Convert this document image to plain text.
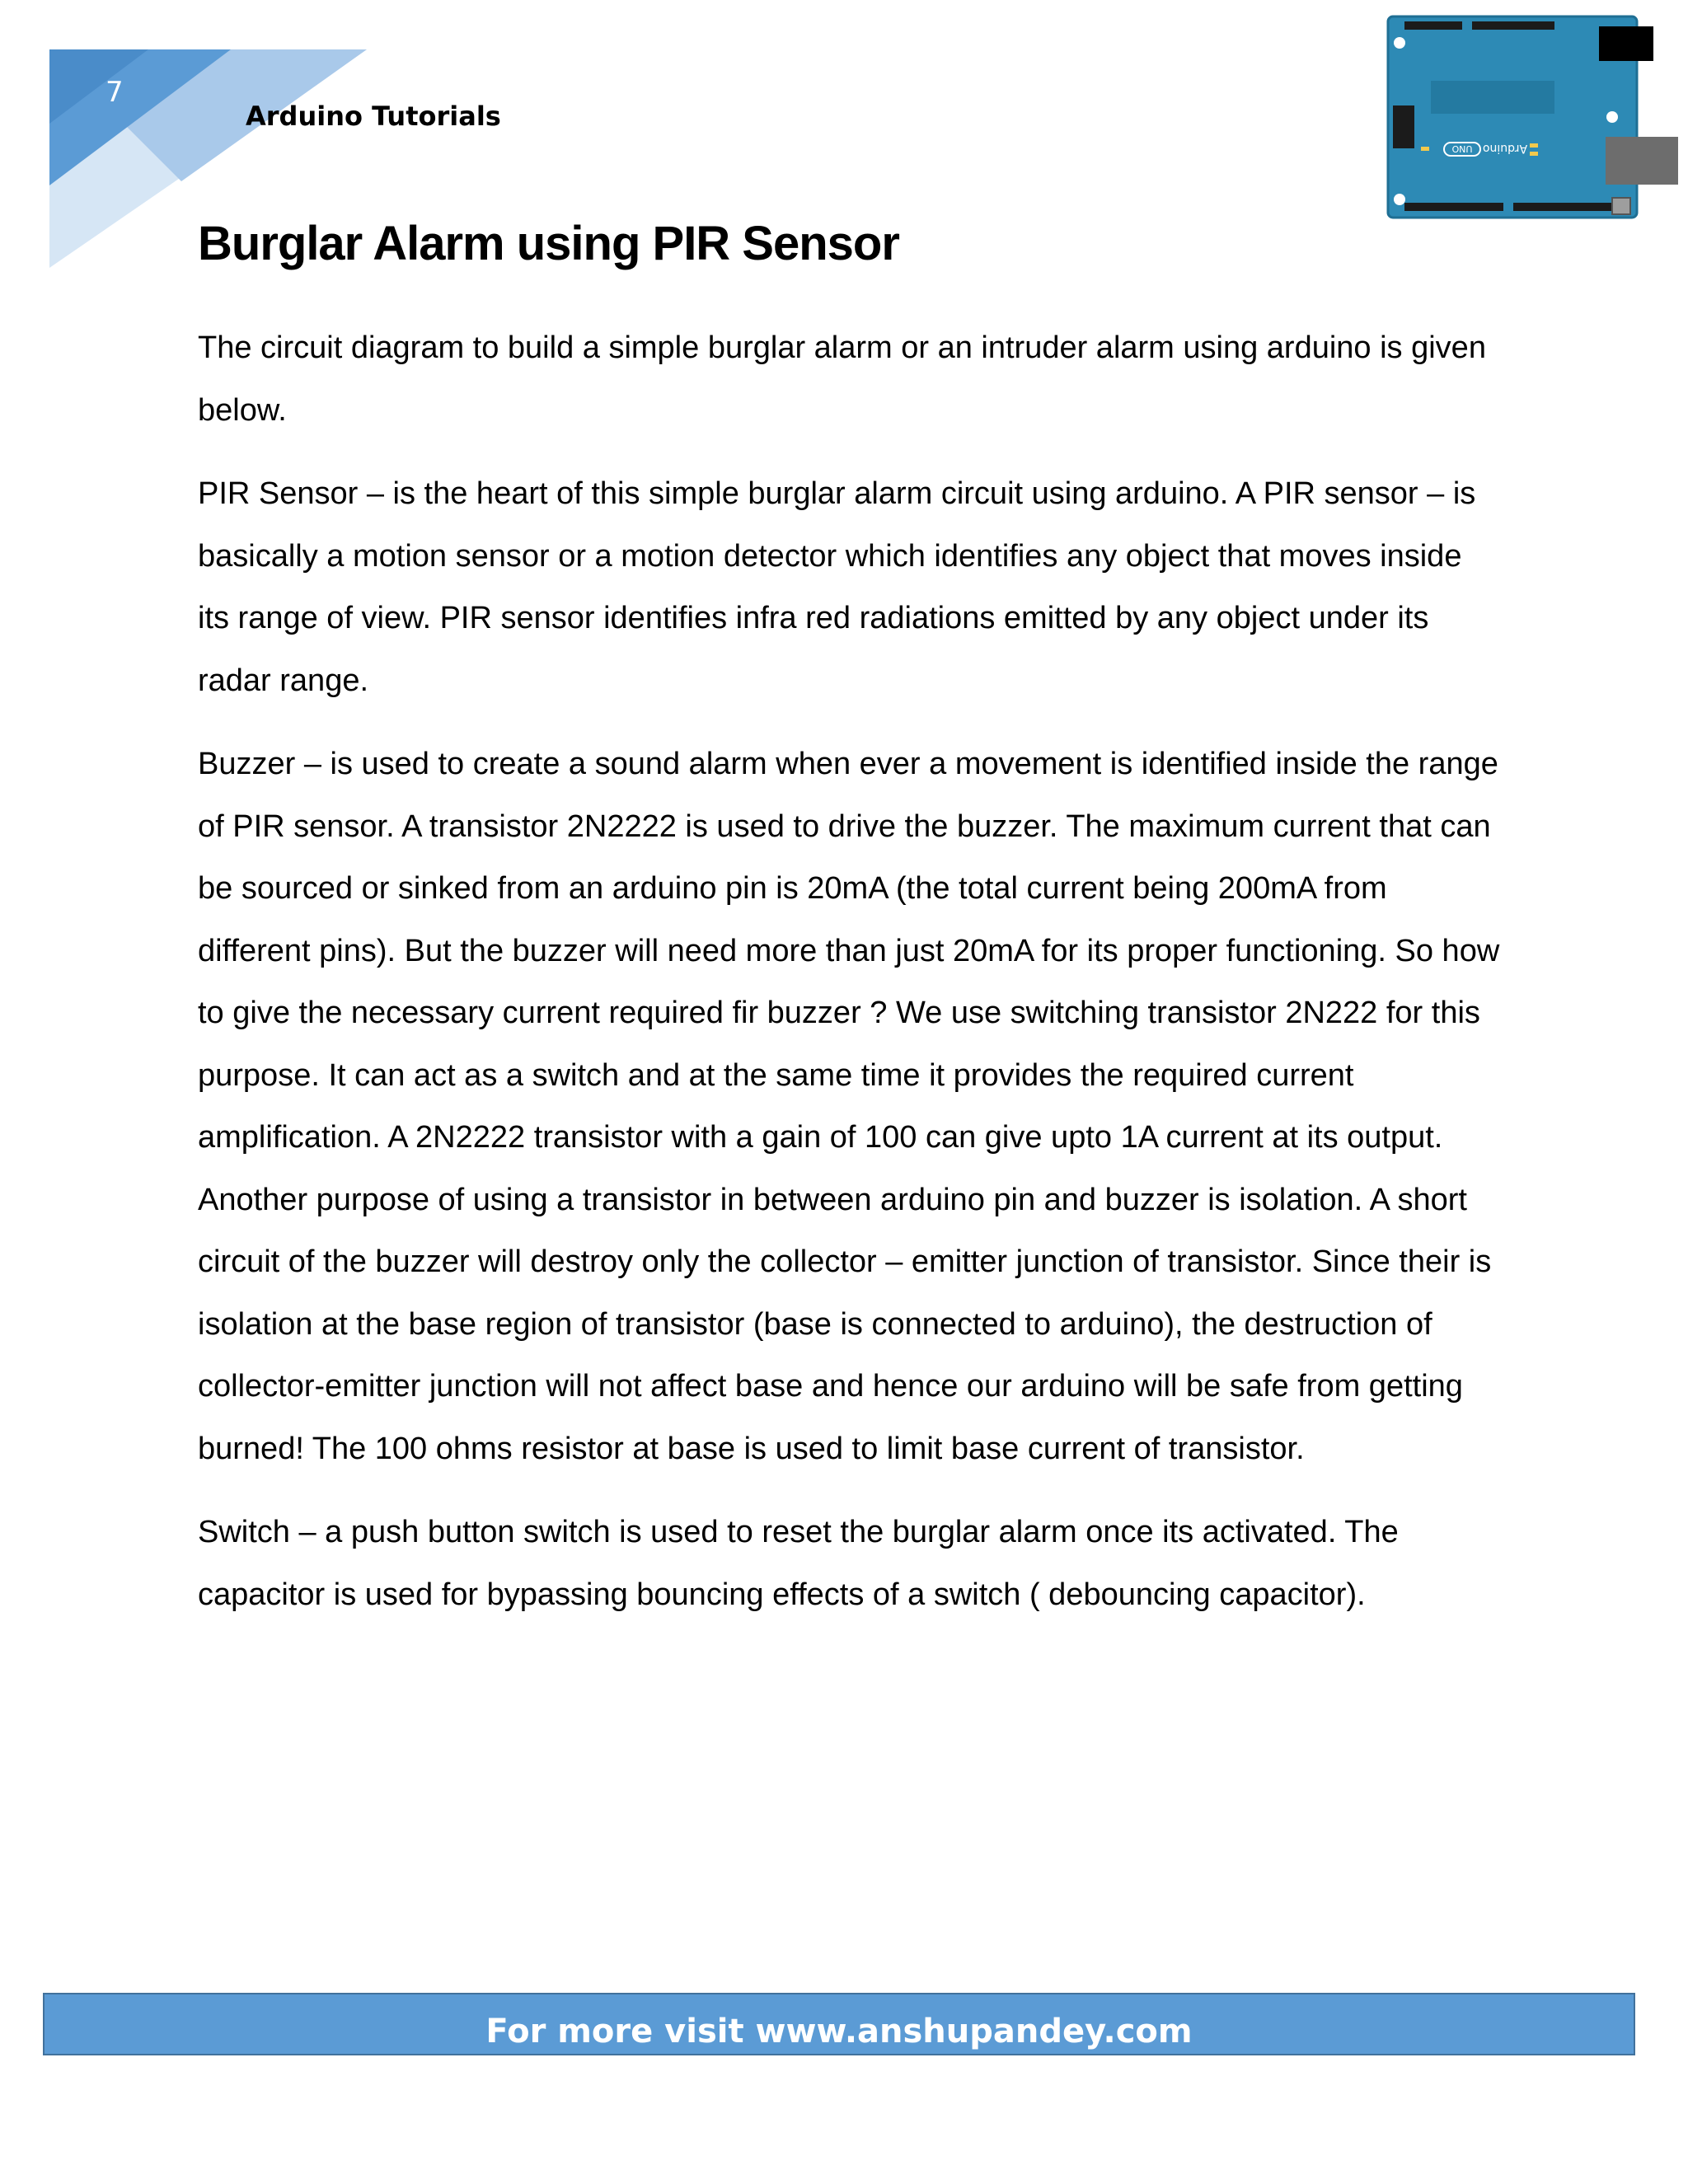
7
Arduino Tutorials
UNO Arduino
Burglar Alarm using PIR Sensor

The circuit diagram to build a simple burglar alarm or an intruder alarm using arduino is given below.

PIR Sensor – is the heart of this simple burglar alarm circuit using arduino. A PIR sensor – is basically a motion sensor or a motion detector which identifies any object that moves inside its range of view. PIR sensor identifies infra red radiations emitted by any object under its radar range.

Buzzer – is used to create a sound alarm when ever a movement is identified inside the range of PIR sensor. A transistor 2N2222 is used to drive the buzzer. The maximum current that can be sourced or sinked from an arduino pin is 20mA (the total current being 200mA from different pins). But the buzzer will need more than just 20mA for its proper functioning. So how to give the necessary current required fir buzzer ? We use switching transistor 2N222 for this purpose. It can act as a switch and at the same time it provides the required current amplification. A 2N2222 transistor with a gain of 100 can give upto 1A current at its output. Another purpose of using a transistor in between arduino pin and buzzer is isolation. A short circuit of the buzzer will destroy only the collector – emitter junction of transistor. Since their is isolation at the base region of transistor (base is connected to arduino), the destruction of collector-emitter junction will not affect base and hence our arduino will be safe from getting burned! The 100 ohms resistor at base is used to limit base current of transistor.

Switch – a push button switch is used to reset the burglar alarm once its activated. The capacitor is used for bypassing bouncing effects of a switch ( debouncing capacitor).

For more visit www.anshupandey.com
